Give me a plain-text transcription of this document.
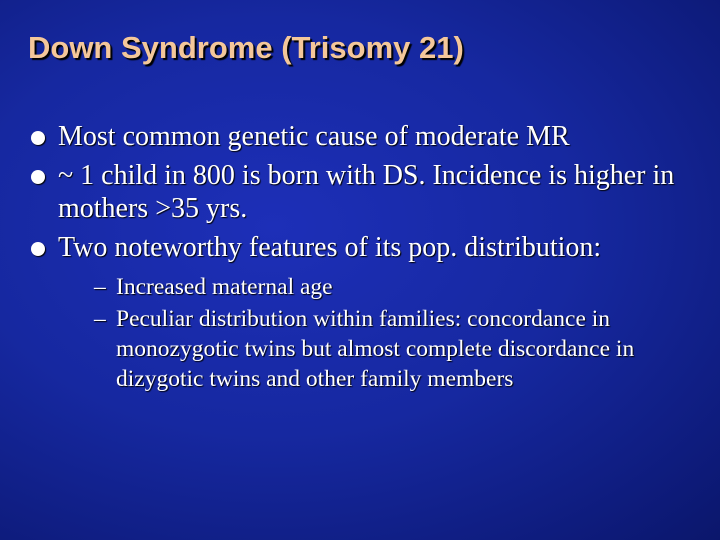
Down Syndrome (Trisomy 21)
Most common genetic cause of moderate MR
~ 1 child in 800 is born with DS. Incidence is higher in mothers >35 yrs.
Two noteworthy features of its pop. distribution:
– Increased maternal age
– Peculiar distribution within families: concordance in monozygotic twins but almost complete discordance in dizygotic twins and other family members
